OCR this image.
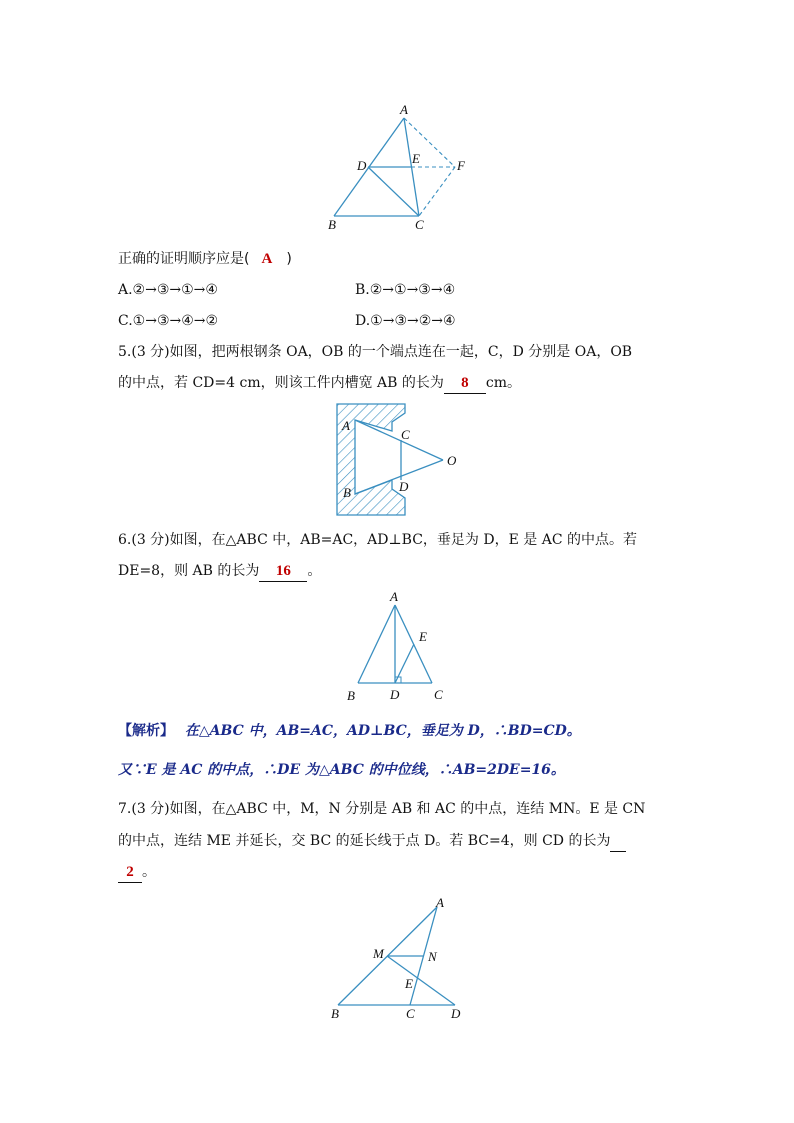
A
D	E	F
B	C
正确的证明顺序应是( A )
A.②→③→①→④	B.②→①→③→④
C.①→③→④→②	D.①→③→②→④
5.(3 分)如图，把两根钢条 OA，OB 的一个端点连在一起，C，D 分别是 OA，OB
的中点，若 CD=4 cm，则该工件内槽宽 AB 的长为 8 cm。
A
C
O
D
B
6.(3 分)如图，在△ABC 中，AB=AC，AD⊥BC，垂足为 D，E 是 AC 的中点。若
DE=8，则 AB 的长为 16 。
A
E
B	D	C
【解析】 在△ABC 中，AB=AC，AD⊥BC，垂足为 D，∴BD=CD。
又∵E 是 AC 的中点，∴DE 为△ABC 的中位线，∴AB=2DE=16。
7.(3 分)如图，在△ABC 中，M，N 分别是 AB 和 AC 的中点，连结 MN。E 是 CN
的中点，连结 ME 并延长，交 BC 的延长线于点 D。若 BC=4，则 CD 的长为
2 。
A
M	N
E
B	C	D
